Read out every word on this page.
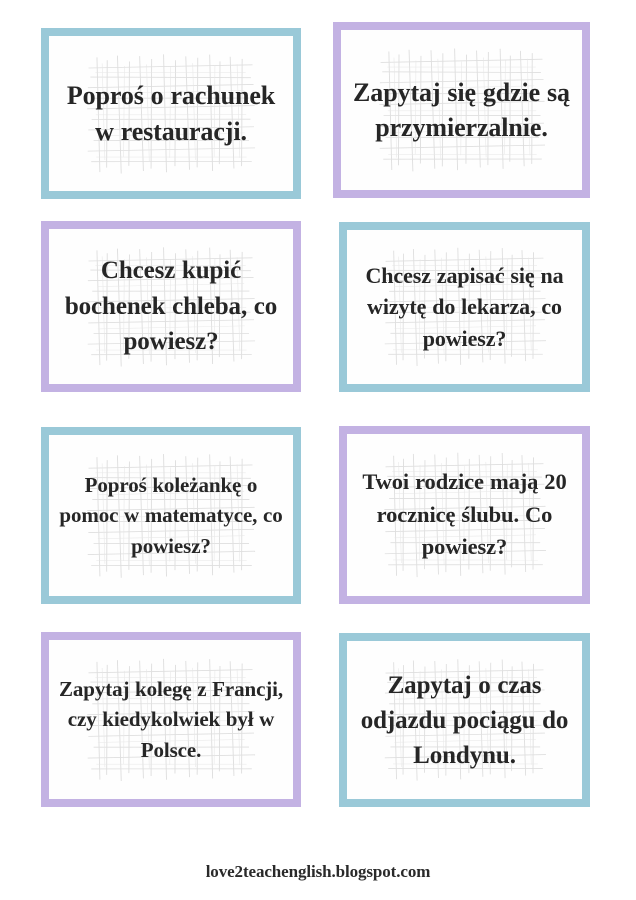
Poproś o rachunek w restauracji.

Zapytaj się gdzie są przymierzalnie.

Chcesz kupić bochenek chleba, co powiesz?

Chcesz zapisać się na wizytę do lekarza, co powiesz?

Poproś koleżankę o pomoc w matematyce, co powiesz?

Twoi rodzice mają 20 rocznicę ślubu. Co powiesz?

Zapytaj kolegę z Francji, czy kiedykolwiek był w Polsce.

Zapytaj o czas odjazdu pociągu do Londynu.

love2teachenglish.blogspot.com
